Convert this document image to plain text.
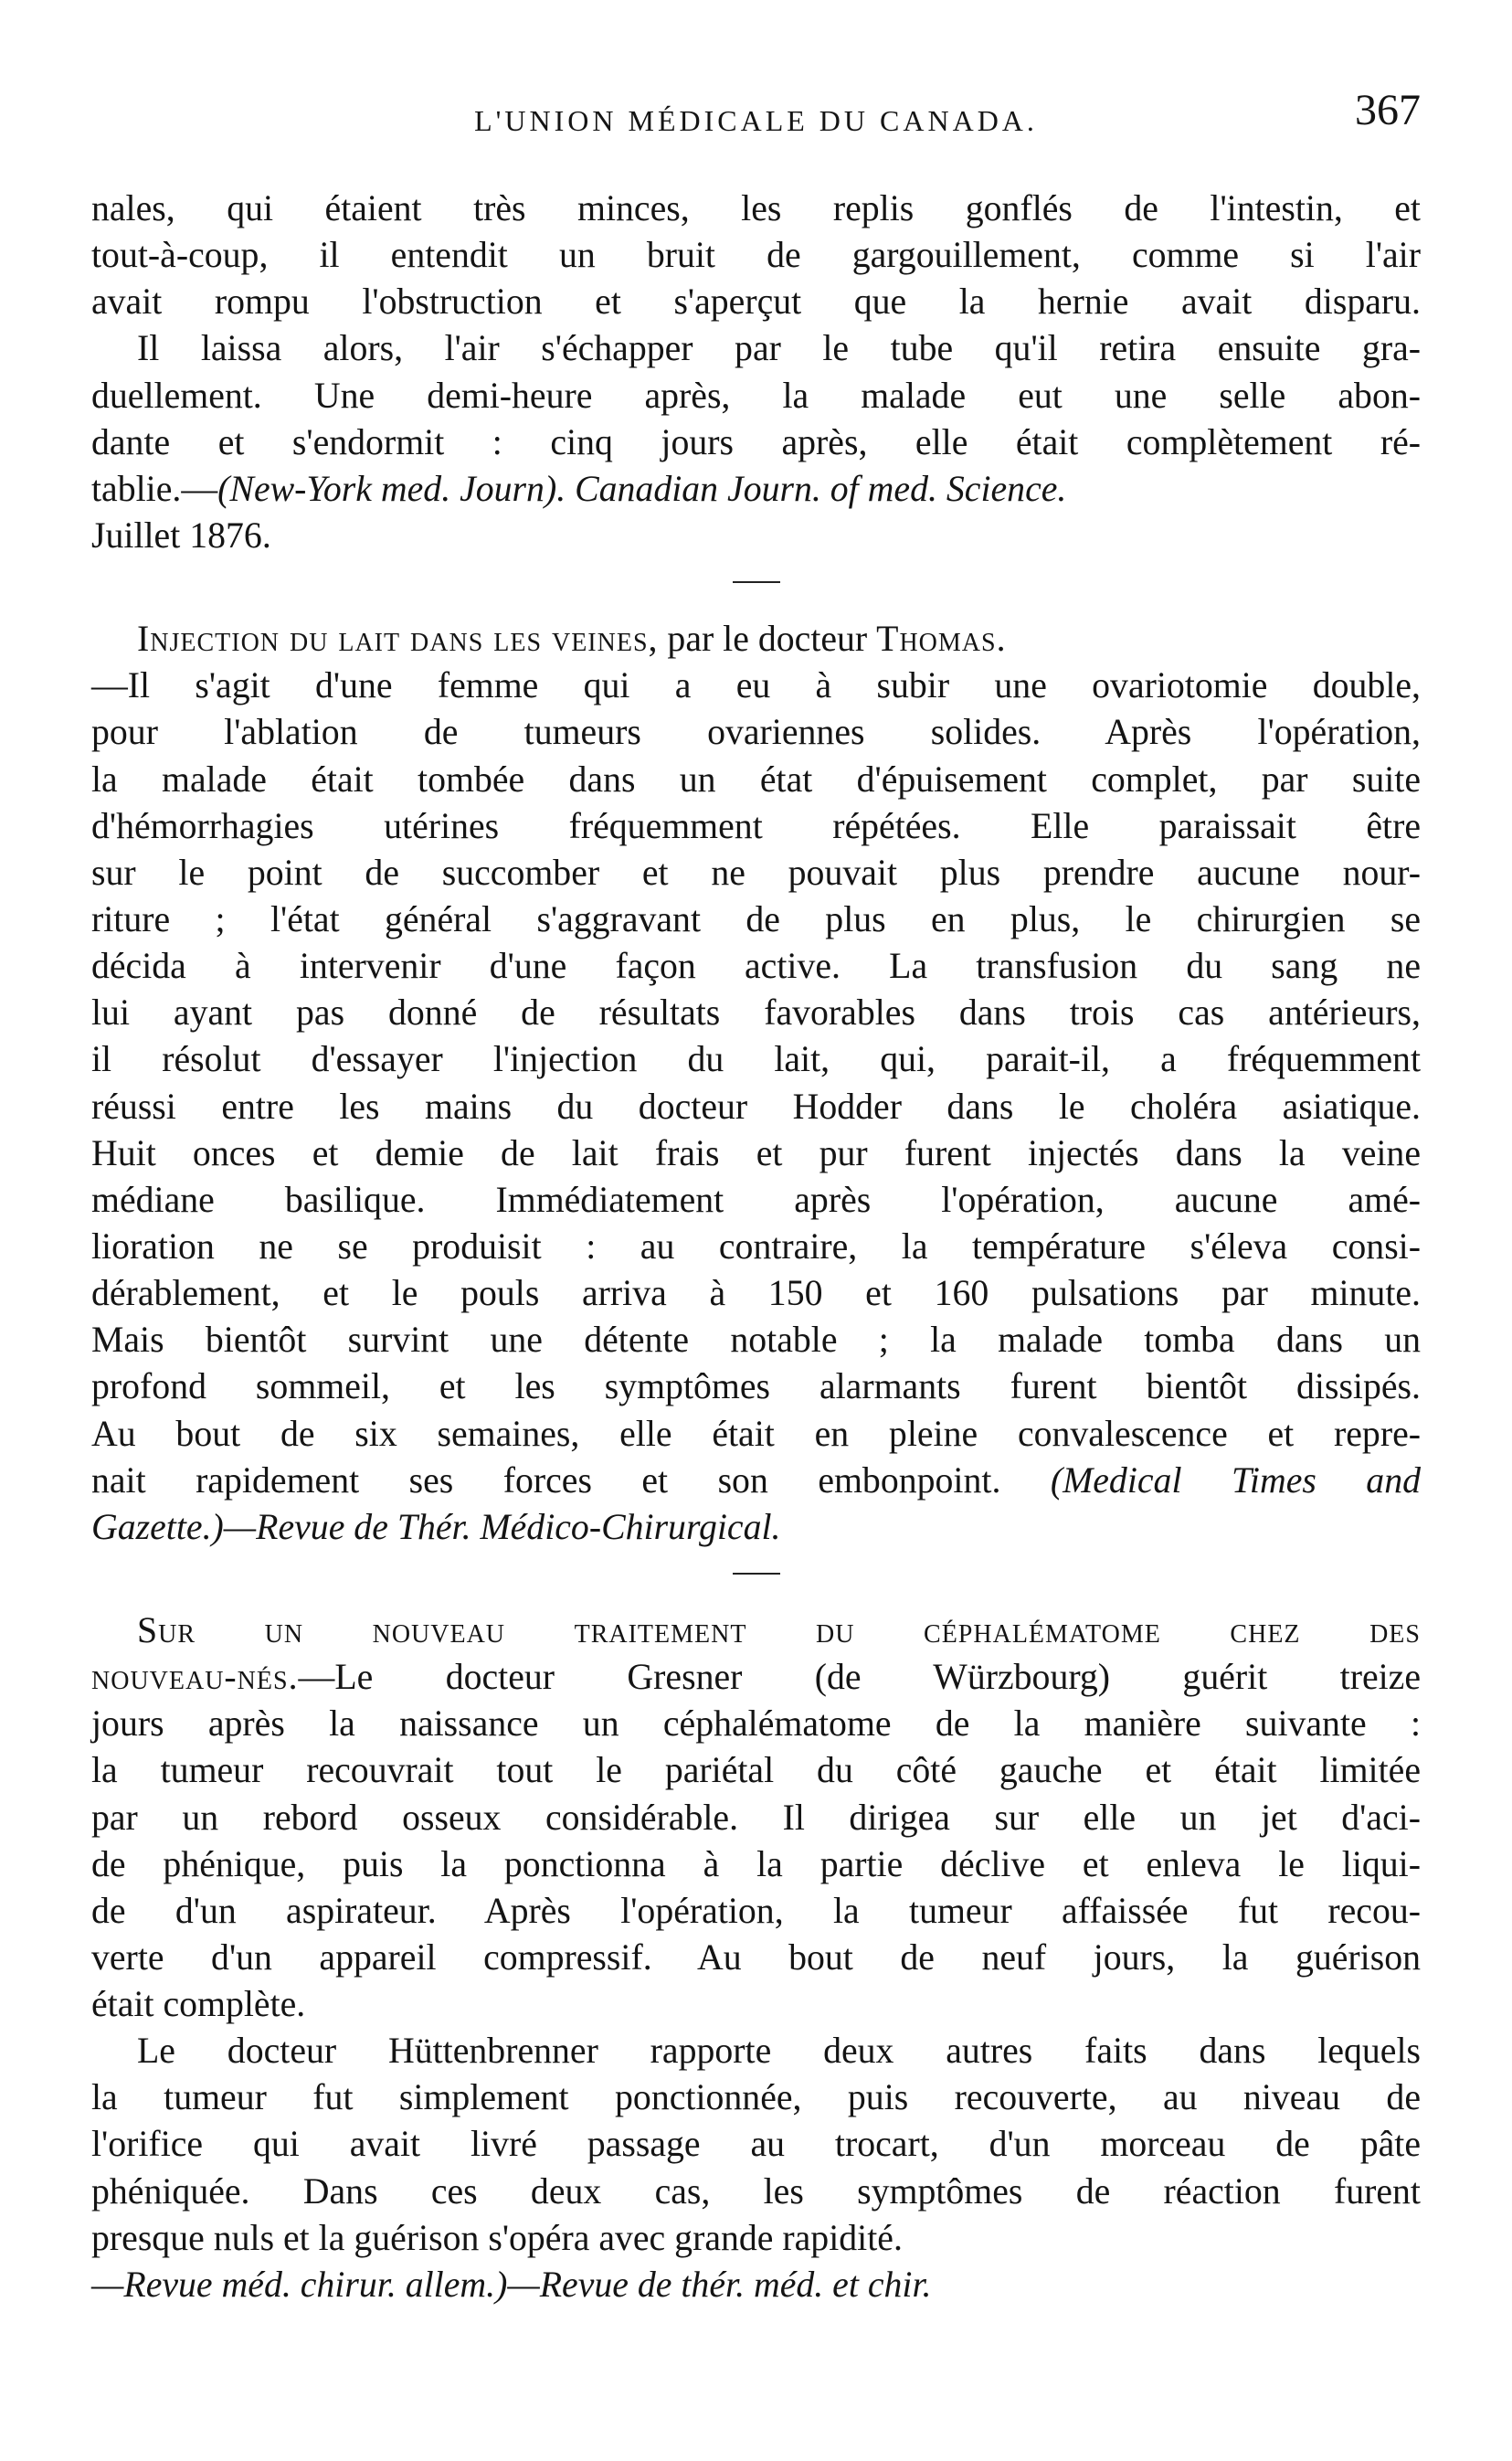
L'UNION MÉDICALE DU CANADA.	367
nales, qui étaient très minces, les replis gonflés de l'intestin, et
tout-à-coup, il entendit un bruit de gargouillement, comme si l'air
avait rompu l'obstruction et s'aperçut que la hernie avait disparu.
Il laissa alors, l'air s'échapper par le tube qu'il retira ensuite gra-
duellement. Une demi-heure après, la malade eut une selle abon-
dante et s'endormit : cinq jours après, elle était complètement ré-
tablie.—(New-York med. Journ). Canadian Journ. of med. Science.
Juillet 1876.
Injection du lait dans les veines, par le docteur Thomas.
—Il s'agit d'une femme qui a eu à subir une ovariotomie double,
pour l'ablation de tumeurs ovariennes solides. Après l'opération,
la malade était tombée dans un état d'épuisement complet, par suite
d'hémorrhagies utérines fréquemment répétées. Elle paraissait être
sur le point de succomber et ne pouvait plus prendre aucune nour-
riture ; l'état général s'aggravant de plus en plus, le chirurgien se
décida à intervenir d'une façon active. La transfusion du sang ne
lui ayant pas donné de résultats favorables dans trois cas antérieurs,
il résolut d'essayer l'injection du lait, qui, parait-il, a fréquemment
réussi entre les mains du docteur Hodder dans le choléra asiatique.
Huit onces et demie de lait frais et pur furent injectés dans la veine
médiane basilique. Immédiatement après l'opération, aucune amé-
lioration ne se produisit : au contraire, la température s'éleva consi-
dérablement, et le pouls arriva à 150 et 160 pulsations par minute.
Mais bientôt survint une détente notable ; la malade tomba dans un
profond sommeil, et les symptômes alarmants furent bientôt dissipés.
Au bout de six semaines, elle était en pleine convalescence et repre-
nait rapidement ses forces et son embonpoint. (Medical Times and
Gazette.)—Revue de Thér. Médico-Chirurgical.
Sur un nouveau traitement du céphalématome chez des
nouveau-nés.—Le docteur Gresner (de Würzbourg) guérit treize
jours après la naissance un céphalématome de la manière suivante :
la tumeur recouvrait tout le pariétal du côté gauche et était limitée
par un rebord osseux considérable. Il dirigea sur elle un jet d'aci-
de phénique, puis la ponctionna à la partie déclive et enleva le liqui-
de d'un aspirateur. Après l'opération, la tumeur affaissée fut recou-
verte d'un appareil compressif. Au bout de neuf jours, la guérison
était complète.
Le docteur Hüttenbrenner rapporte deux autres faits dans lequels
la tumeur fut simplement ponctionnée, puis recouverte, au niveau de
l'orifice qui avait livré passage au trocart, d'un morceau de pâte
phéniquée. Dans ces deux cas, les symptômes de réaction furent
presque nuls et la guérison s'opéra avec grande rapidité.
—Revue méd. chirur. allem.)—Revue de thér. méd. et chir.
